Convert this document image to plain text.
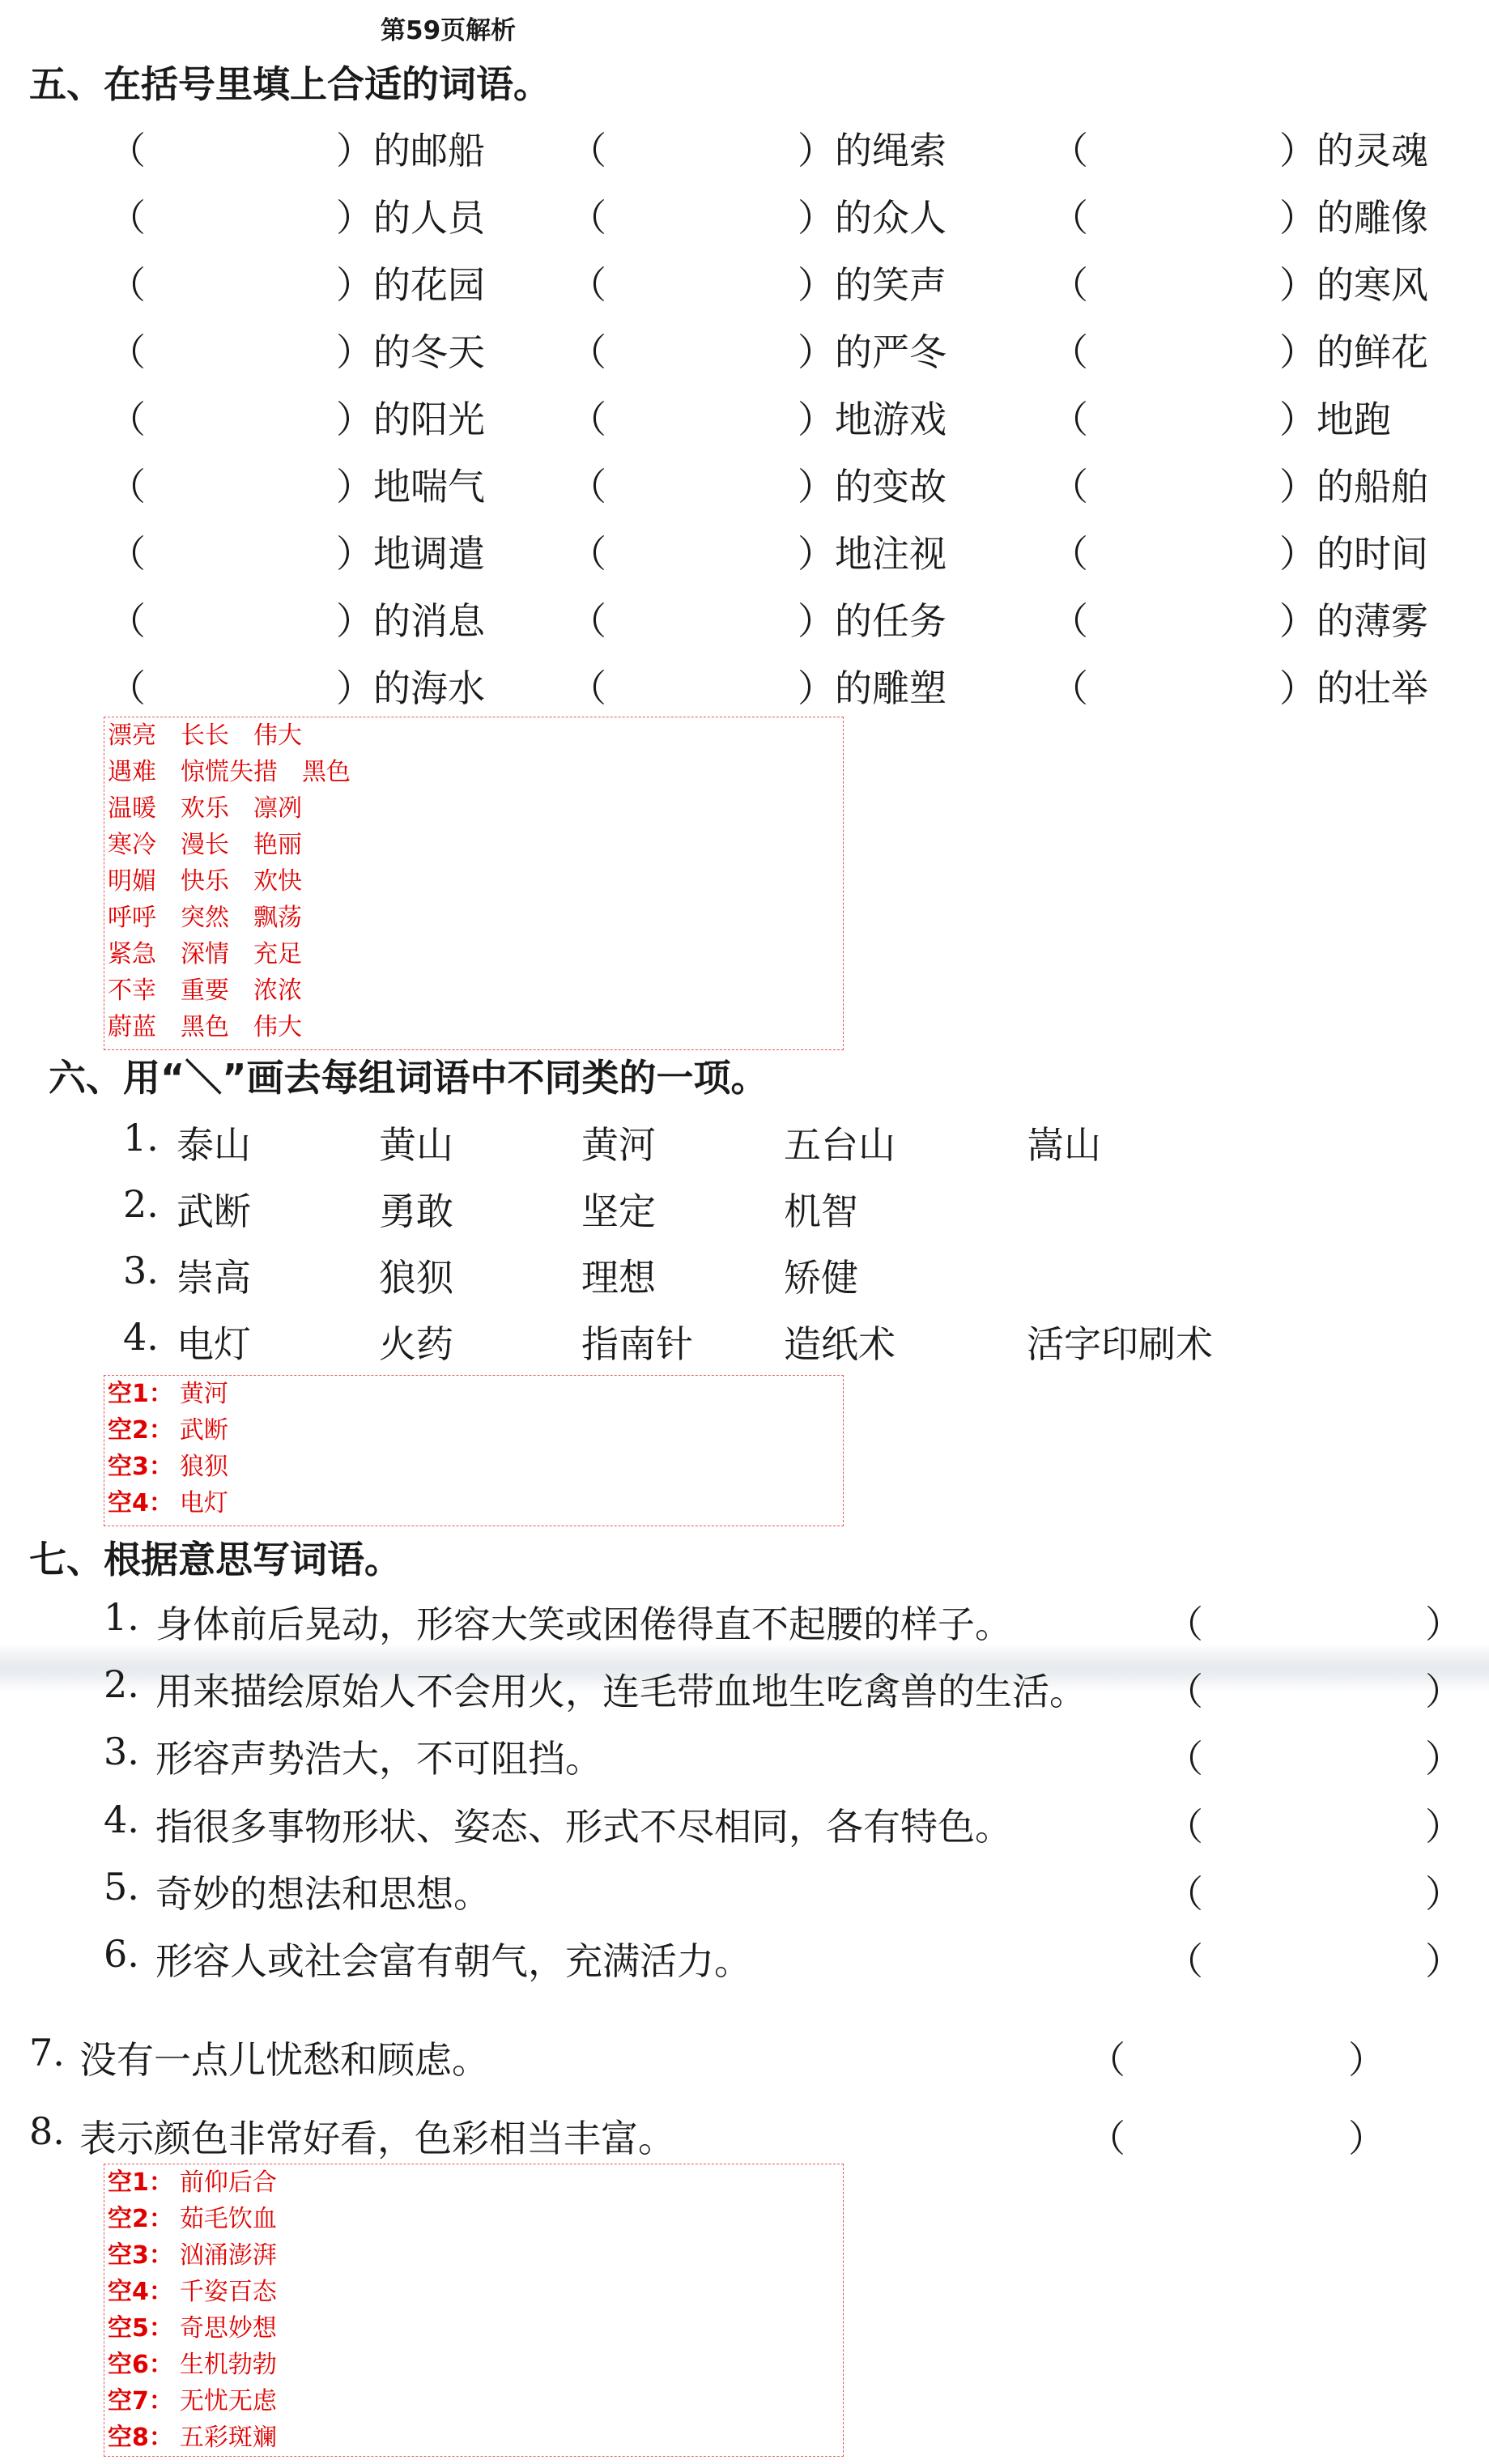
第59页解析
五、在括号里填上合适的词语。
（	）的邮船 （	）的绳索	（	）的灵魂
（	）的人员 （	）的众人	（	）的雕像
（	）的花园 （	）的笑声	（	）的寒风
（	）的冬天 （	）的严冬	（	）的鲜花
（	）的阳光 （	）地游戏	（	）地跑
（	）地喘气 （	）的变故	（	）的船舶
（	）地调遣 （	）地注视	（	）的时间
（	）的消息 （	）的任务	（	）的薄雾
（	）的海水 （	）的雕塑	（	）的壮举
漂亮 长长 伟大
遇难 惊慌失措 黑色
温暖 欢乐 凛冽
寒冷 漫长 艳丽
明媚 快乐 欢快
呼呼 突然 飘荡
紧急 深情 充足
不幸 重要 浓浓
蔚蓝 黑色 伟大
六、用“＼”画去每组词语中不同类的一项。
1. 泰山	黄山	黄河	五台山	嵩山
2. 武断	勇敢	坚定	机智
3. 崇高	狼狈	理想	矫健
4. 电灯	火药	指南针 造纸术	活字印刷术
空1： 黄河
空2： 武断
空3： 狼狈
空4： 电灯
七、根据意思写词语。
1. 身体前后晃动，形容大笑或困倦得直不起腰的样子。	（	）
2. 用来描绘原始人不会用火，连毛带血地生吃禽兽的生活。 （	）
3. 形容声势浩大，不可阻挡。	（	）
4. 指很多事物形状、姿态、形式不尽相同，各有特色。	（	）
5. 奇妙的想法和思想。	（	）
6. 形容人或社会富有朝气，充满活力。	（	）
7. 没有一点儿忧愁和顾虑。	（	）
8. 表示颜色非常好看，色彩相当丰富。	（	）
空1： 前仰后合
空2： 茹毛饮血
空3： 汹涌澎湃
空4： 千姿百态
空5： 奇思妙想
空6： 生机勃勃
空7： 无忧无虑
空8： 五彩斑斓
